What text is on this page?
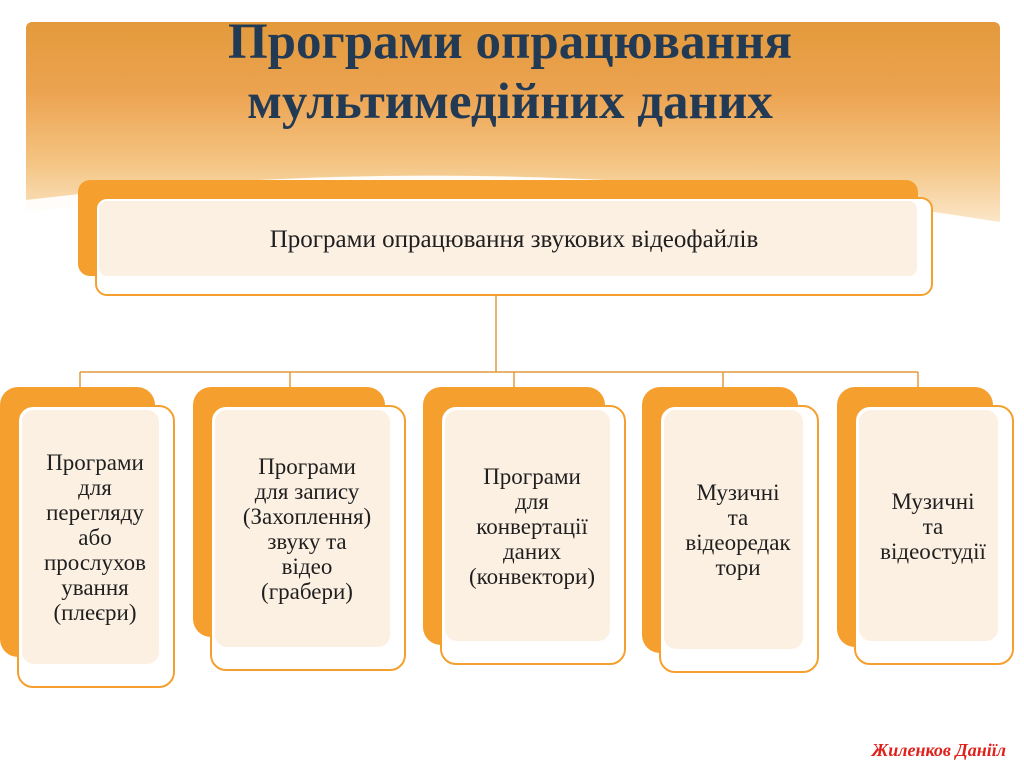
Програми опрацювання мультимедійних даних
Програми опрацювання звукових відеофайлів
Програми
для
перегляду
або
прослухов
ування
(плеєри)
Програми
для запису
(Захоплення)
звуку та
відео
(грабери)
Програми
для
конвертації
даних
(конвектори)
Музичні
та
відеоредак
тори
Музичні
та
відеостудії
Жиленков Даніїл
